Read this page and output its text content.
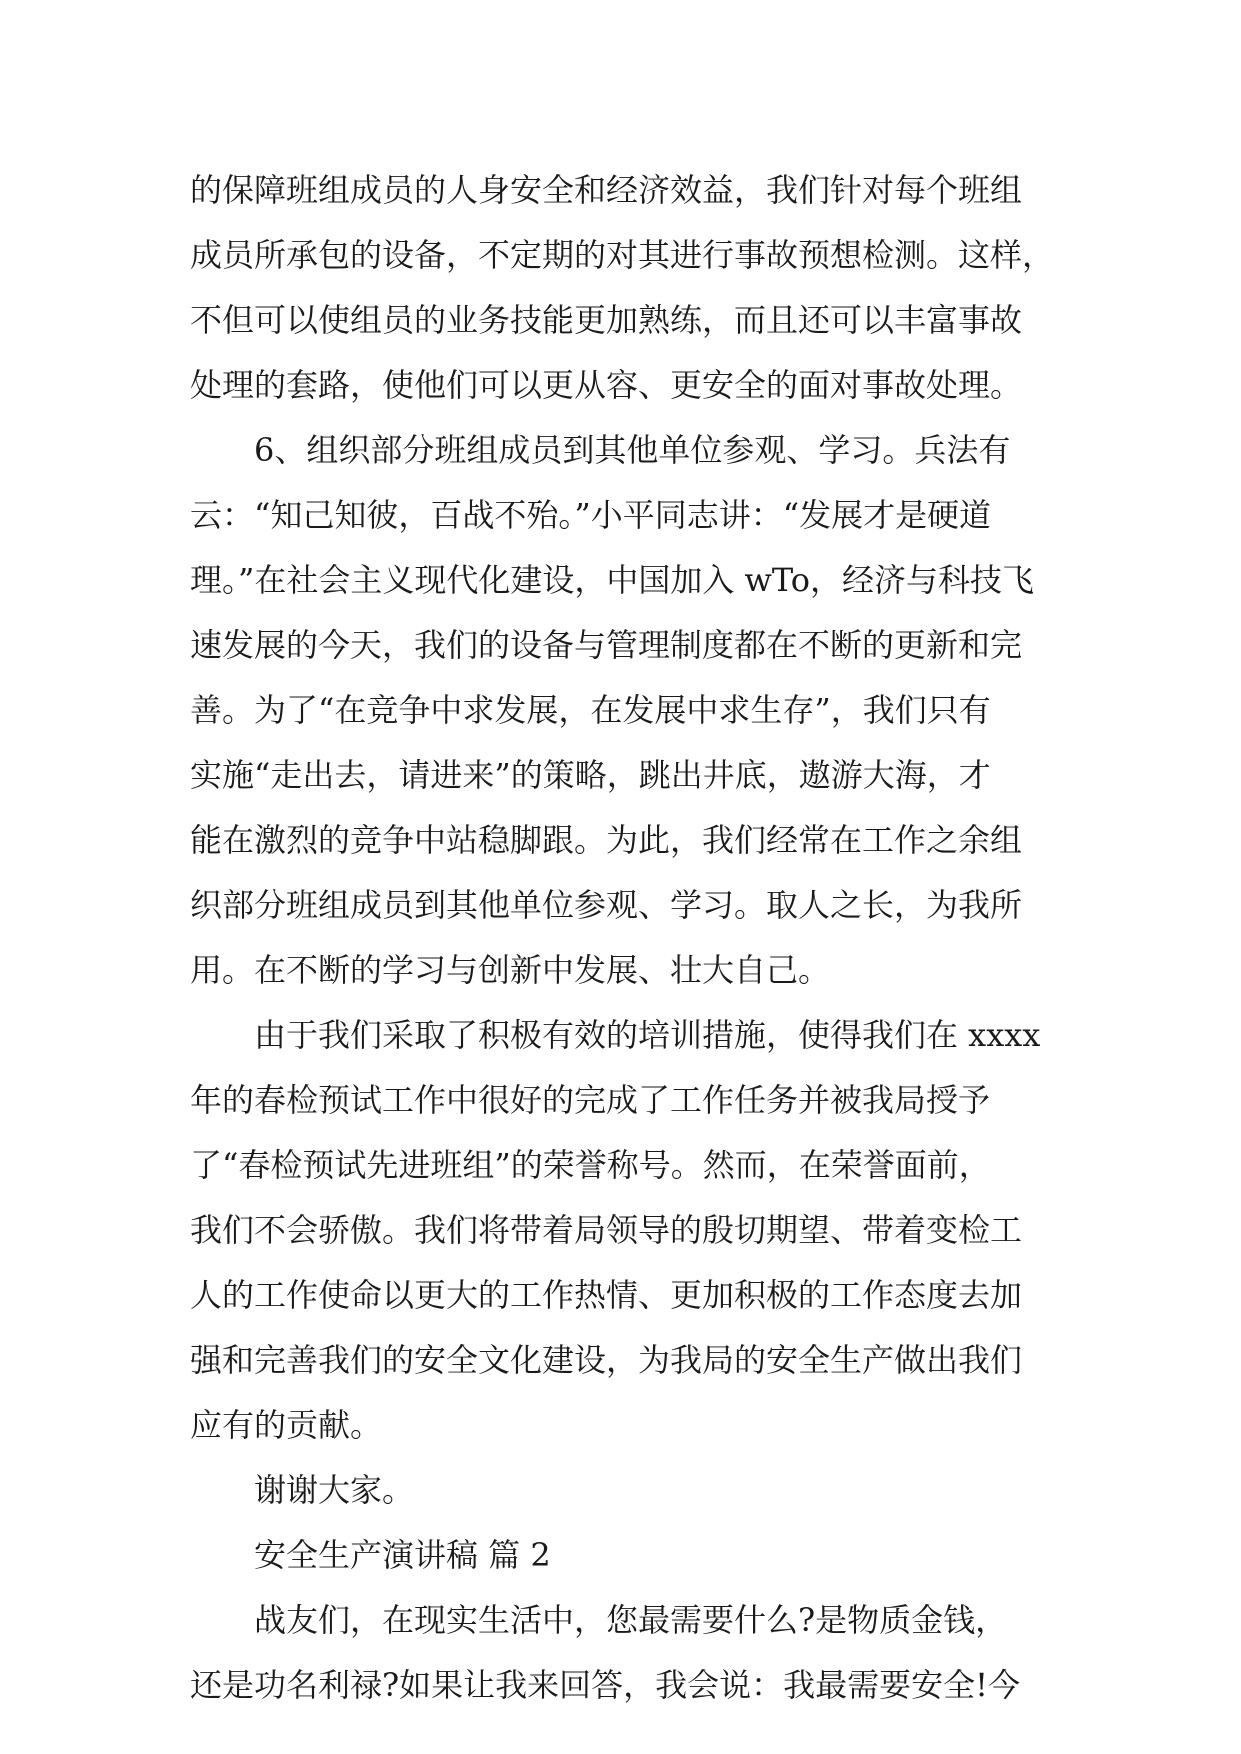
的保障班组成员的人身安全和经济效益，我们针对每个班组
成员所承包的设备，不定期的对其进行事故预想检测。这样，
不但可以使组员的业务技能更加熟练，而且还可以丰富事故
处理的套路，使他们可以更从容、更安全的面对事故处理。
6、组织部分班组成员到其他单位参观、学习。兵法有
云：“知己知彼，百战不殆。”小平同志讲：“发展才是硬道
理。”在社会主义现代化建设，中国加入 wTo，经济与科技飞
速发展的今天，我们的设备与管理制度都在不断的更新和完
善。为了“在竞争中求发展，在发展中求生存”，我们只有
实施“走出去，请进来”的策略，跳出井底，遨游大海，才
能在激烈的竞争中站稳脚跟。为此，我们经常在工作之余组
织部分班组成员到其他单位参观、学习。取人之长，为我所
用。在不断的学习与创新中发展、壮大自己。
由于我们采取了积极有效的培训措施，使得我们在 xxxx
年的春检预试工作中很好的完成了工作任务并被我局授予
了“春检预试先进班组”的荣誉称号。然而，在荣誉面前，
我们不会骄傲。我们将带着局领导的殷切期望、带着变检工
人的工作使命以更大的工作热情、更加积极的工作态度去加
强和完善我们的安全文化建设，为我局的安全生产做出我们
应有的贡献。
谢谢大家。
安全生产演讲稿 篇 2
战友们，在现实生活中，您最需要什么?是物质金钱，
还是功名利禄?如果让我来回答，我会说：我最需要安全!今
